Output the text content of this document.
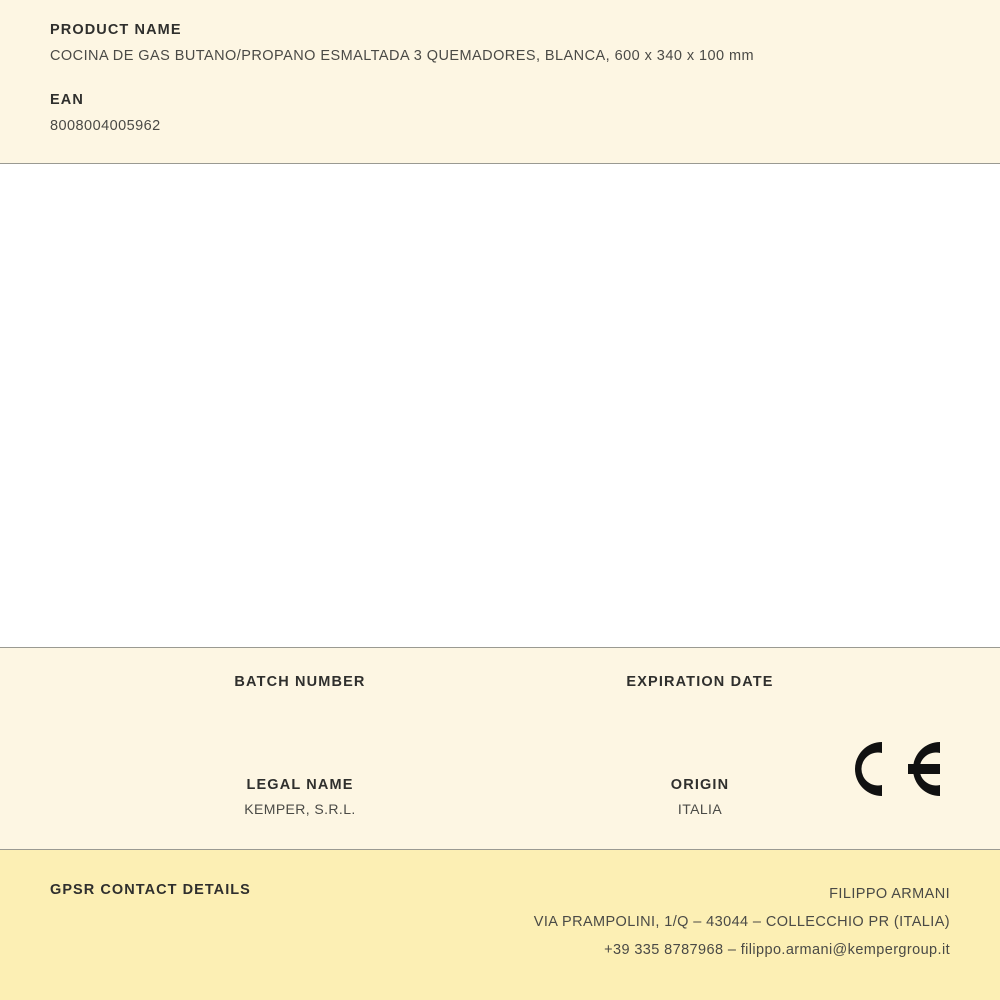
PRODUCT NAME
COCINA DE GAS BUTANO/PROPANO ESMALTADA 3 QUEMADORES, BLANCA, 600 x 340 x 100 mm
EAN
8008004005962
BATCH NUMBER	EXPIRATION DATE
LEGAL NAME
KEMPER, S.R.L.
ORIGIN
ITALIA
GPSR CONTACT DETAILS	FILIPPO ARMANI
VIA PRAMPOLINI, 1/Q – 43044 – COLLECCHIO PR (ITALIA)
+39 335 8787968 – filippo.armani@kempergroup.it
